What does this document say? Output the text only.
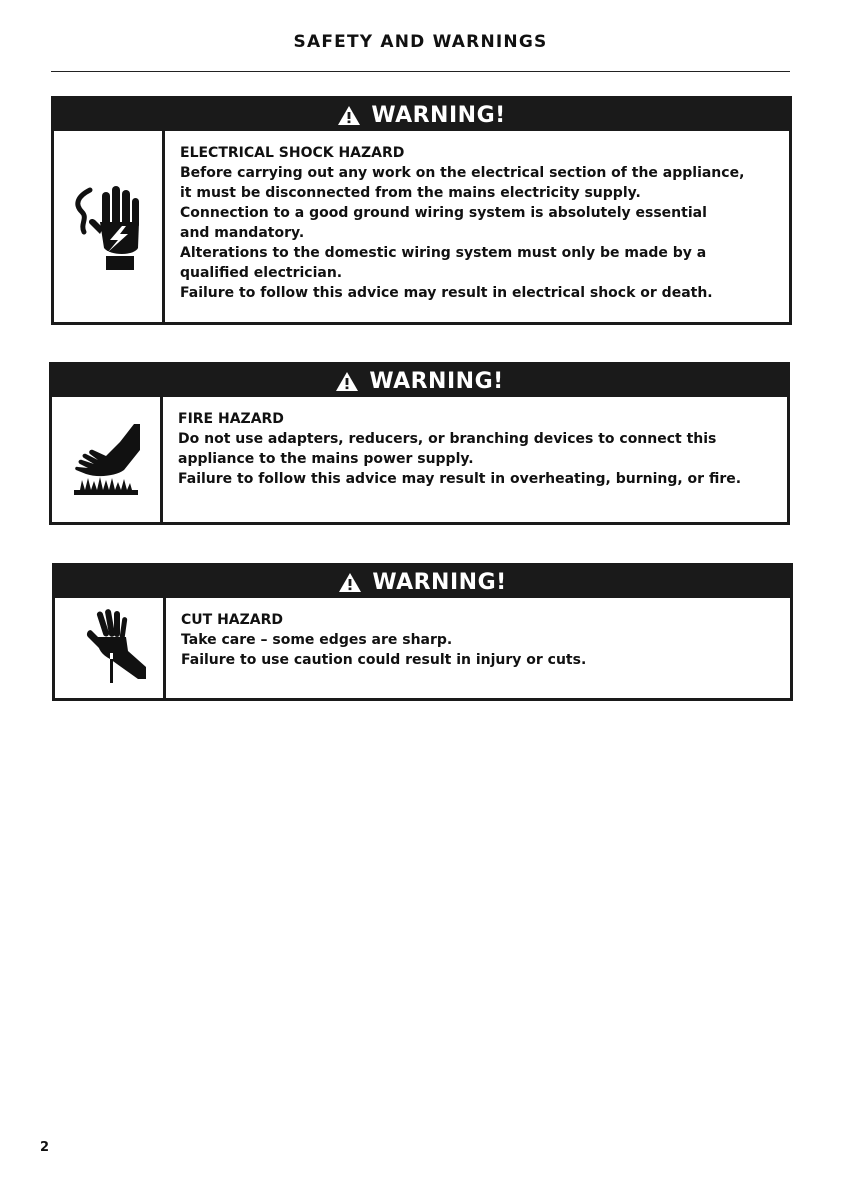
SAFETY AND WARNINGS
WARNING!

ELECTRICAL SHOCK HAZARD

Before carrying out any work on the electrical section of the appliance,

it must be disconnected from the mains electricity supply.

Connection to a good ground wiring system is absolutely essential

and mandatory.

Alterations to the domestic wiring system must only be made by a

qualified electrician.

Failure to follow this advice may result in electrical shock or death.

WARNING!

FIRE HAZARD

Do not use adapters, reducers, or branching devices to connect this

appliance to the mains power supply.

Failure to follow this advice may result in overheating, burning, or fire.

WARNING!

CUT HAZARD

Take care – some edges are sharp.

Failure to use caution could result in injury or cuts.

2
